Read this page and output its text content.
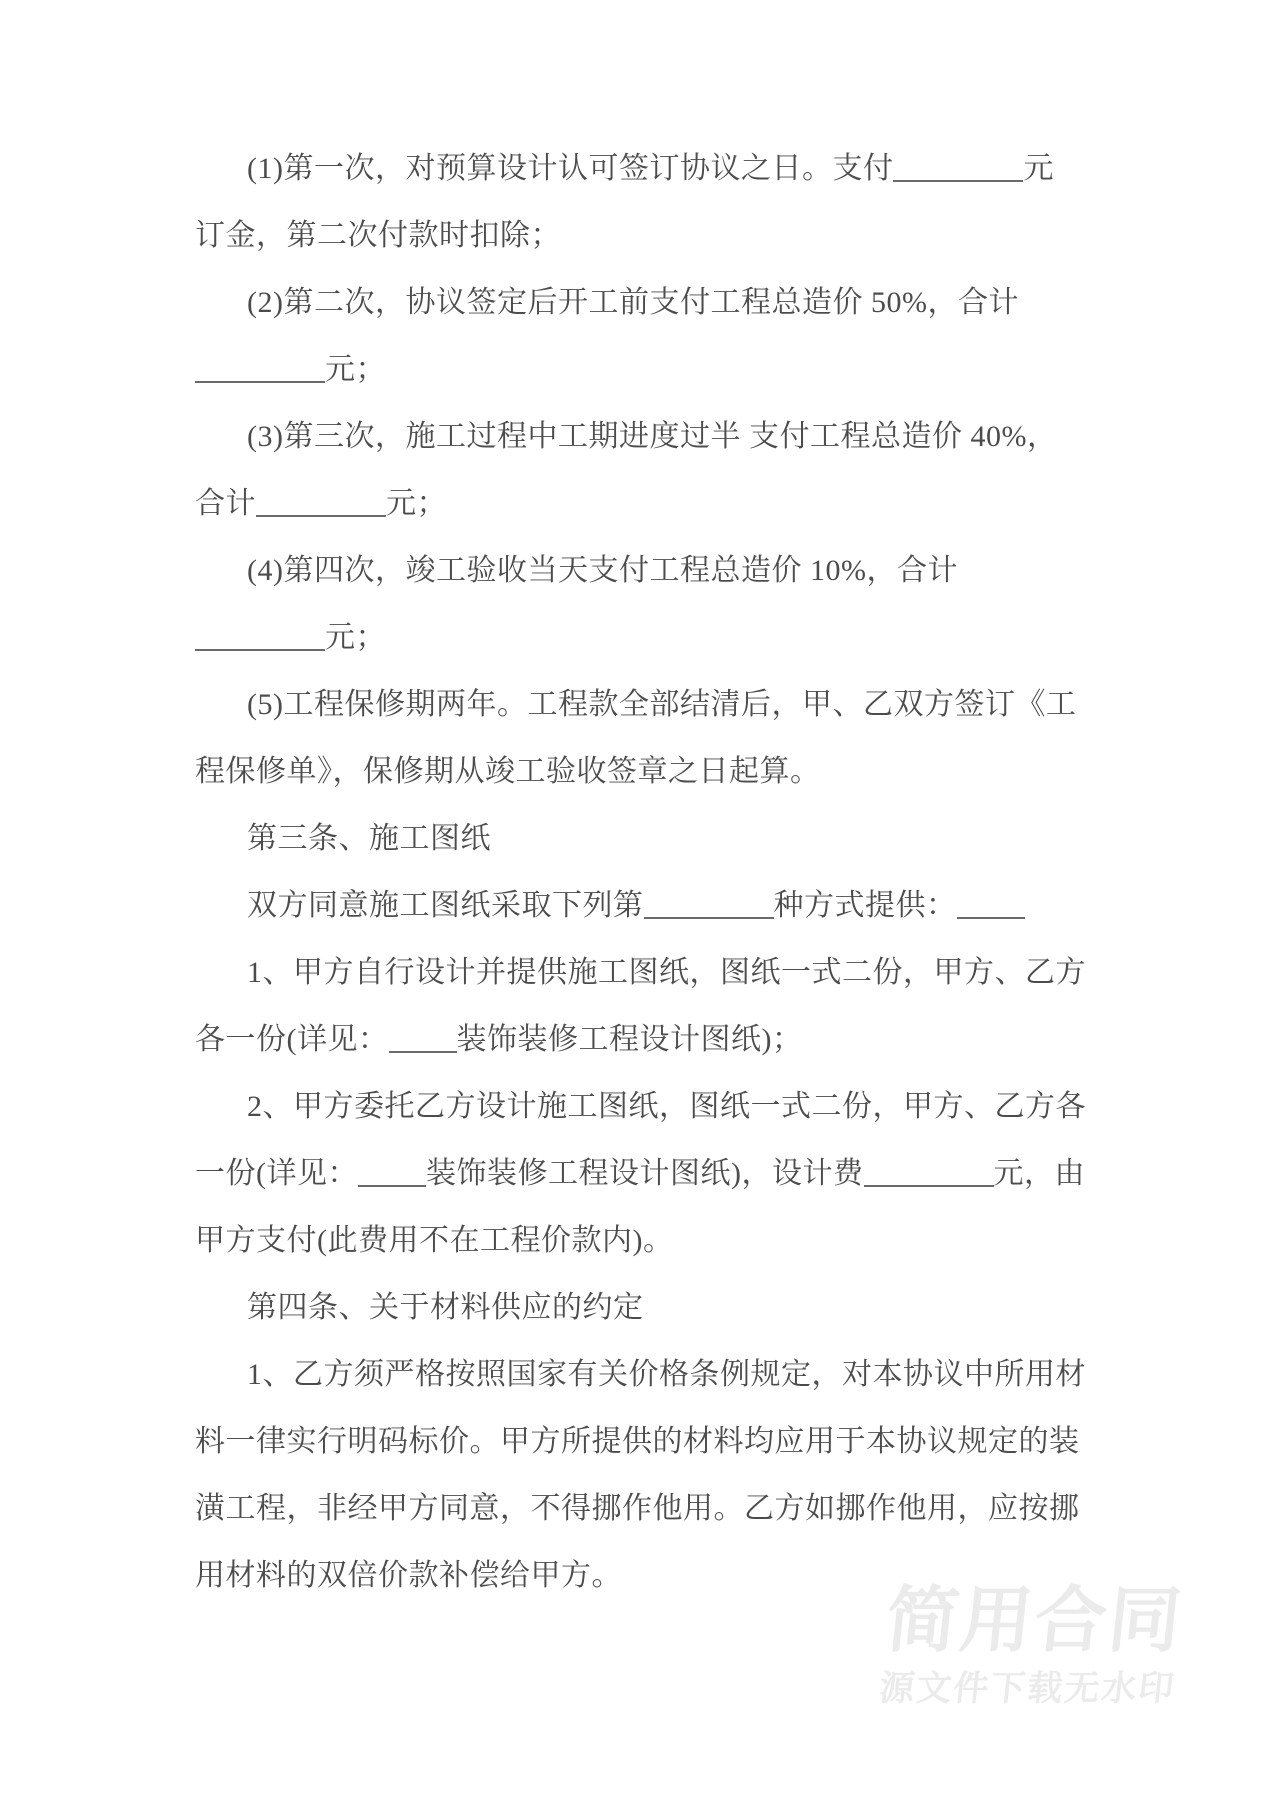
(1)第一次，对预算设计认可签订协议之日。支付	元
订金，第二次付款时扣除；
(2)第二次，协议签定后开工前支付工程总造价 50%，合计
元；
(3)第三次，施工过程中工期进度过半 支付工程总造价 40%，
合计	元；
(4)第四次，竣工验收当天支付工程总造价 10%，合计
元；
(5)工程保修期两年。工程款全部结清后，甲、乙双方签订《工
程保修单》，保修期从竣工验收签章之日起算。
第三条、施工图纸
双方同意施工图纸采取下列第	种方式提供：
1、甲方自行设计并提供施工图纸，图纸一式二份，甲方、乙方
各一份(详见： 装饰装修工程设计图纸)；
2、甲方委托乙方设计施工图纸，图纸一式二份，甲方、乙方各
一份(详见： 装饰装修工程设计图纸)，设计费	元，由
甲方支付(此费用不在工程价款内)。
第四条、关于材料供应的约定
1、乙方须严格按照国家有关价格条例规定，对本协议中所用材
料一律实行明码标价。甲方所提供的材料均应用于本协议规定的装
潢工程，非经甲方同意，不得挪作他用。乙方如挪作他用，应按挪
用材料的双倍价款补偿给甲方。
简用合同
源文件下载无水印
